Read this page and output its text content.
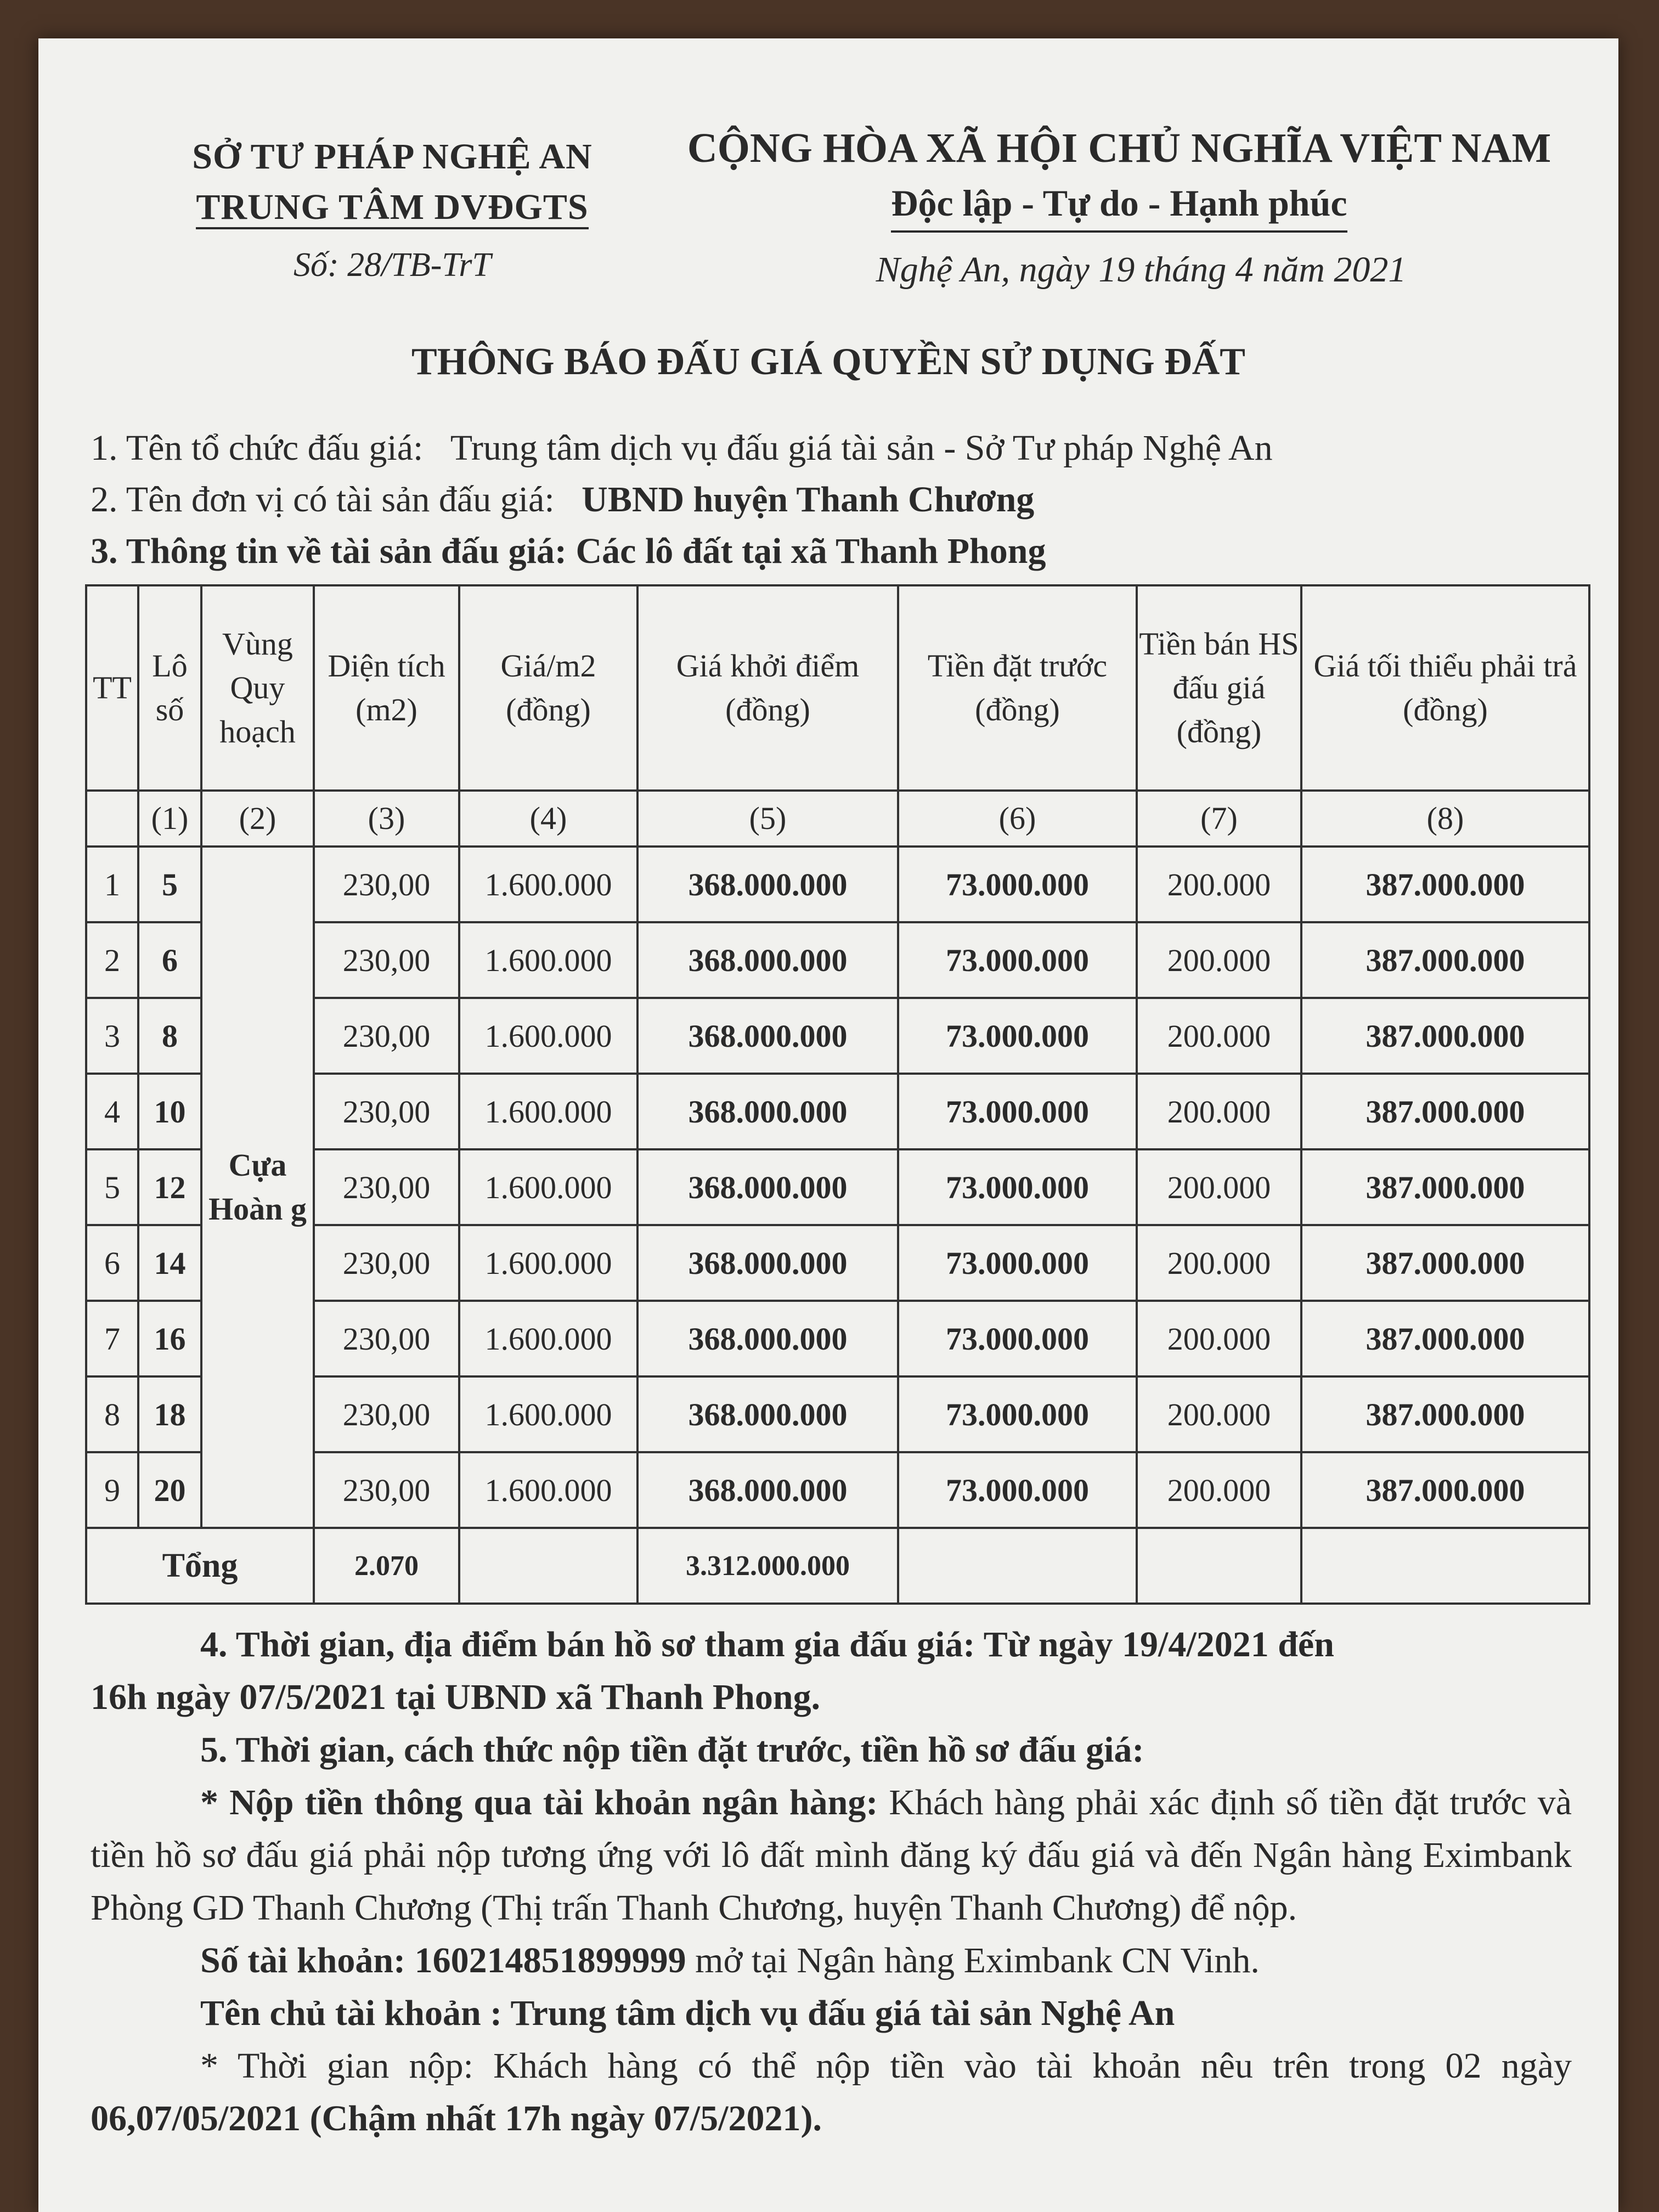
SỞ TƯ PHÁP NGHỆ AN
TRUNG TÂM DVĐGTS
Số: 28/TB-TrT
CỘNG HÒA XÃ HỘI CHỦ NGHĨA VIỆT NAM
Độc lập - Tự do - Hạnh phúc
Nghệ An, ngày 19 tháng 4 năm 2021
THÔNG BÁO ĐẤU GIÁ QUYỀN SỬ DỤNG ĐẤT
1. Tên tổ chức đấu giá: Trung tâm dịch vụ đấu giá tài sản - Sở Tư pháp Nghệ An
2. Tên đơn vị có tài sản đấu giá: UBND huyện Thanh Chương
3. Thông tin về tài sản đấu giá: Các lô đất tại xã Thanh Phong
TT	Lô số	Vùng Quy hoạch	Diện tích (m2)	Giá/m2 (đồng)	Giá khởi điểm (đồng)	Tiền đặt trước (đồng)	Tiền bán HS đấu giá (đồng)	Giá tối thiểu phải trả (đồng)
	(1)	(2)	(3)	(4)	(5)	(6)	(7)	(8)
1	5	Cựa Hoàn g	230,00	1.600.000	368.000.000	73.000.000	200.000	387.000.000
2	6		230,00	1.600.000	368.000.000	73.000.000	200.000	387.000.000
3	8		230,00	1.600.000	368.000.000	73.000.000	200.000	387.000.000
4	10		230,00	1.600.000	368.000.000	73.000.000	200.000	387.000.000
5	12		230,00	1.600.000	368.000.000	73.000.000	200.000	387.000.000
6	14		230,00	1.600.000	368.000.000	73.000.000	200.000	387.000.000
7	16		230,00	1.600.000	368.000.000	73.000.000	200.000	387.000.000
8	18		230,00	1.600.000	368.000.000	73.000.000	200.000	387.000.000
9	20		230,00	1.600.000	368.000.000	73.000.000	200.000	387.000.000
Tổng			2.070		3.312.000.000			

4. Thời gian, địa điểm bán hồ sơ tham gia đấu giá: Từ ngày 19/4/2021 đến

16h ngày 07/5/2021 tại UBND xã Thanh Phong.

5. Thời gian, cách thức nộp tiền đặt trước, tiền hồ sơ đấu giá:

* Nộp tiền thông qua tài khoản ngân hàng: Khách hàng phải xác định số tiền đặt trước và tiền hồ sơ đấu giá phải nộp tương ứng với lô đất mình đăng ký đấu giá và đến Ngân hàng Eximbank Phòng GD Thanh Chương (Thị trấn Thanh Chương, huyện Thanh Chương) để nộp.

Số tài khoản: 160214851899999 mở tại Ngân hàng Eximbank CN Vinh.

Tên chủ tài khoản : Trung tâm dịch vụ đấu giá tài sản Nghệ An

* Thời gian nộp: Khách hàng có thể nộp tiền vào tài khoản nêu trên trong 02 ngày 06,07/05/2021 (Chậm nhất 17h ngày 07/5/2021).
